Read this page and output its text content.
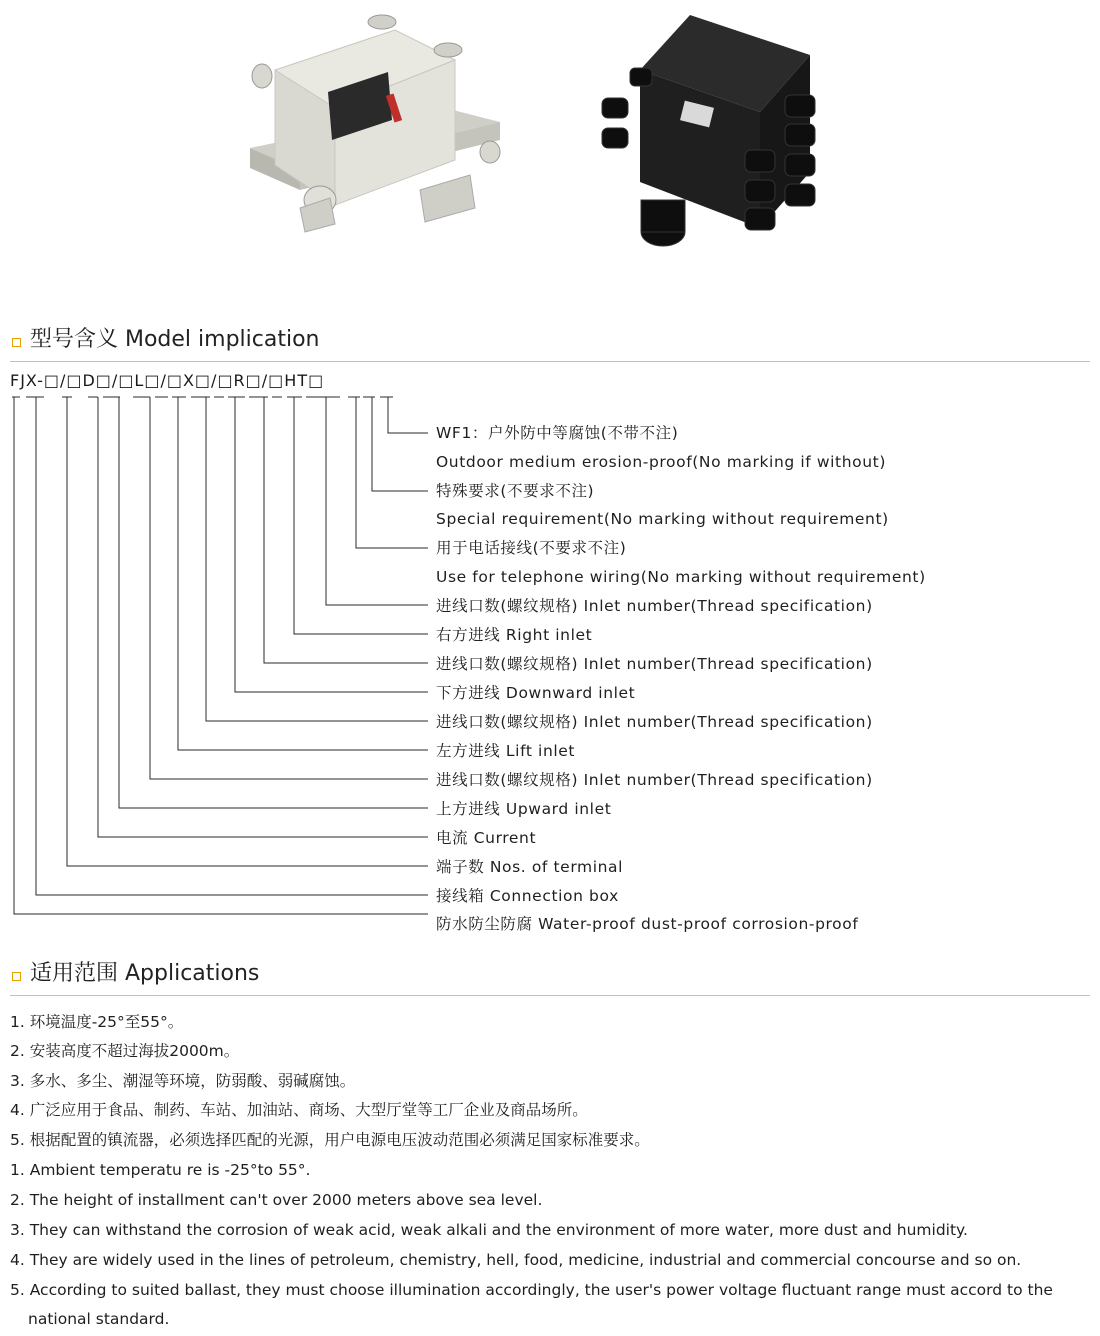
型号含义 Model implication
FJX-□/□D□/□L□/□X□/□R□/□HT□
WF1：户外防中等腐蚀(不带不注)
Outdoor medium erosion-proof(No marking if without)
特殊要求(不要求不注)
Special requirement(No marking without requirement)
用于电话接线(不要求不注)
Use for telephone wiring(No marking without requirement)
进线口数(螺纹规格) Inlet number(Thread specification)
右方进线 Right inlet
进线口数(螺纹规格) Inlet number(Thread specification)
下方进线 Downward inlet
进线口数(螺纹规格) Inlet number(Thread specification)
左方进线 Lift inlet
进线口数(螺纹规格) Inlet number(Thread specification)
上方进线 Upward inlet
电流 Current
端子数 Nos. of terminal
接线箱 Connection box
防水防尘防腐 Water-proof dust-proof corrosion-proof
适用范围 Applications
1. 环境温度-25°至55°。
2. 安装高度不超过海拔2000m。
3. 多水、多尘、潮湿等环境，防弱酸、弱碱腐蚀。
4. 广泛应用于食品、制药、车站、加油站、商场、大型厅堂等工厂企业及商品场所。
5. 根据配置的镇流器，必须选择匹配的光源，用户电源电压波动范围必须满足国家标准要求。
1. Ambient temperatu re is -25°to 55°.
2. The height of installment can't over 2000 meters above sea level.
3. They can withstand the corrosion of weak acid, weak alkali and the environment of more water, more dust and humidity.
4. They are widely used in the lines of petroleum, chemistry, hell, food, medicine, industrial and commercial concourse and so on.
5. According to suited ballast, they must choose illumination accordingly, the user's power voltage fluctuant range must accord to the
national standard.
